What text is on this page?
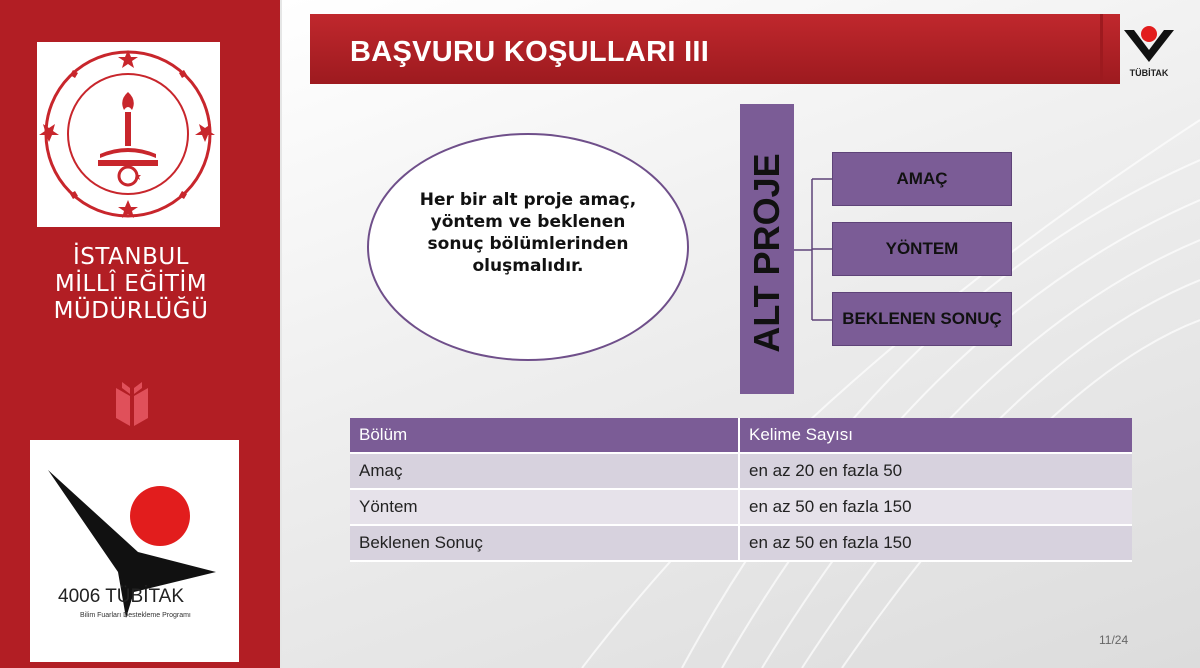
İSTANBUL
MİLLÎ EĞİTİM
MÜDÜRLÜĞÜ
4006 TÜBİTAK
Bilim Fuarları Destekleme Programı
BAŞVURU KOŞULLARI III
TÜBİTAK
Her bir alt proje amaç, yöntem ve beklenen sonuç bölümlerinden oluşmalıdır.	ALT PROJE	AMAÇ
YÖNTEM
BEKLENEN SONUÇ
Bölüm	Kelime Sayısı
Amaç	en az 20 en fazla 50
Yöntem	en az 50 en fazla 150
Beklenen Sonuç	en az 50 en fazla 150
11/24
